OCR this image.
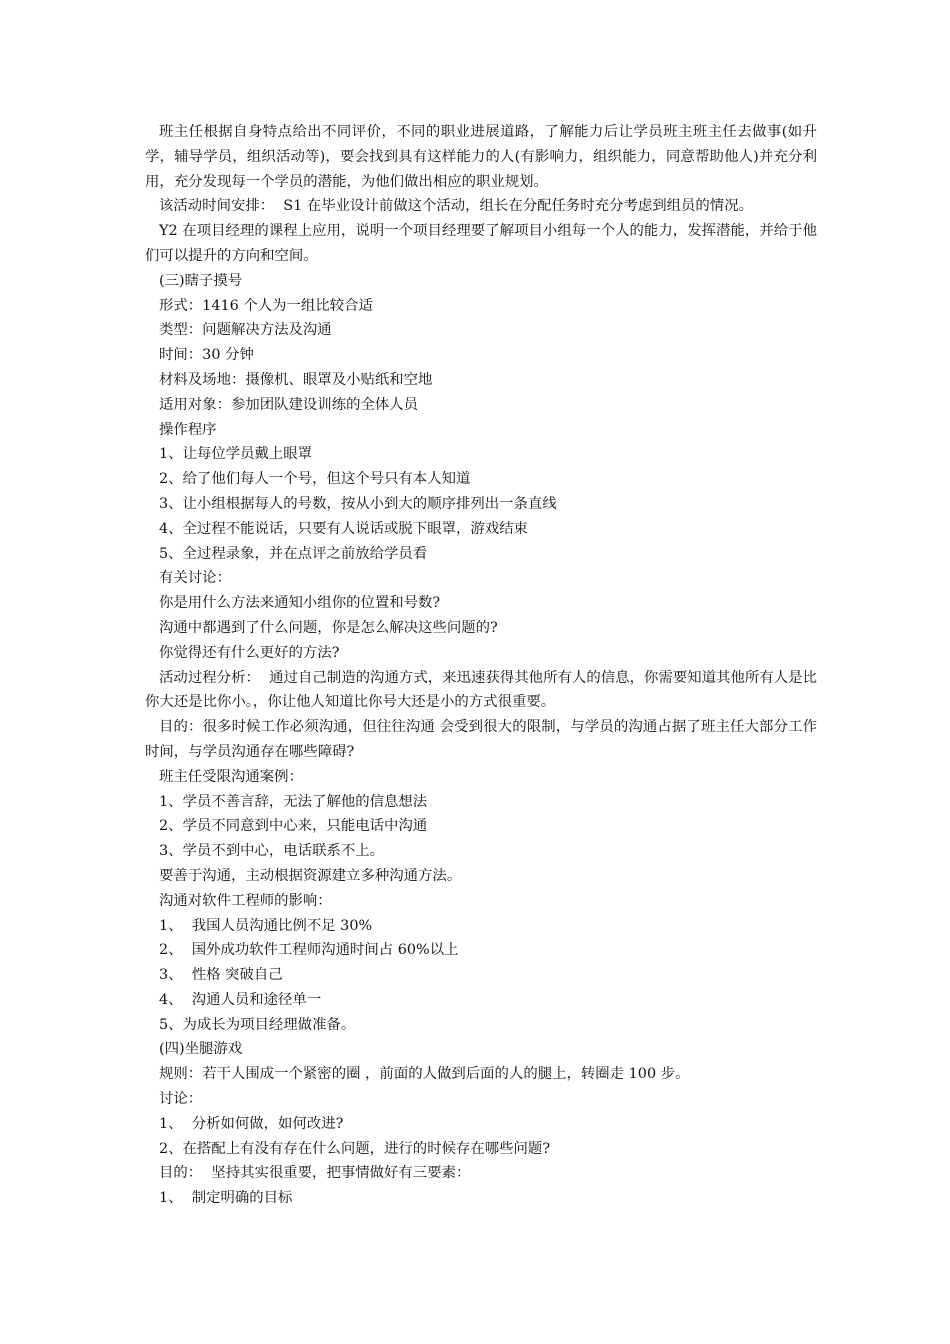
班主任根据自身特点给出不同评价，不同的职业进展道路，了解能力后让学员班主班主任去做事(如升学，辅导学员，组织活动等)，要会找到具有这样能力的人(有影响力，组织能力，同意帮助他人)并充分利用，充分发现每一个学员的潜能，为他们做出相应的职业规划。

该活动时间安排：  S1 在毕业设计前做这个活动，组长在分配任务时充分考虑到组员的情况。

Y2 在项目经理的课程上应用，说明一个项目经理要了解项目小组每一个人的能力，发挥潜能，并给于他们可以提升的方向和空间。

(三)瞎子摸号

形式：1416 个人为一组比较合适

类型：问题解决方法及沟通

时间：30 分钟

材料及场地：摄像机、眼罩及小贴纸和空地

适用对象：参加团队建设训练的全体人员

操作程序

1、让每位学员戴上眼罩

2、给了他们每人一个号，但这个号只有本人知道

3、让小组根据每人的号数，按从小到大的顺序排列出一条直线

4、全过程不能说话，只要有人说话或脱下眼罩，游戏结束

5、全过程录象，并在点评之前放给学员看

有关讨论：

你是用什么方法来通知小组你的位置和号数?

沟通中都遇到了什么问题，你是怎么解决这些问题的?

你觉得还有什么更好的方法?

活动过程分析：  通过自己制造的沟通方式，来迅速获得其他所有人的信息，你需要知道其他所有人是比你大还是比你小。，你让他人知道比你号大还是小的方式很重要。

目的：很多时候工作必须沟通，但往往沟通 会受到很大的限制，与学员的沟通占据了班主任大部分工作时间，与学员沟通存在哪些障碍?

班主任受限沟通案例：

1、学员不善言辞，无法了解他的信息想法

2、学员不同意到中心来，只能电话中沟通

3、学员不到中心，电话联系不上。

要善于沟通，主动根据资源建立多种沟通方法。

沟通对软件工程师的影响：

1、  我国人员沟通比例不足 30%

2、  国外成功软件工程师沟通时间占 60%以上

3、  性格 突破自己

4、  沟通人员和途径单一

5、为成长为项目经理做准备。

(四)坐腿游戏

规则：若干人围成一个紧密的圈 ，前面的人做到后面的人的腿上，转圈走 100 步。

讨论：

1、  分析如何做，如何改进?

2、在搭配上有没有存在什么问题，进行的时候存在哪些问题?

目的：  坚持其实很重要，把事情做好有三要素：

1、  制定明确的目标
